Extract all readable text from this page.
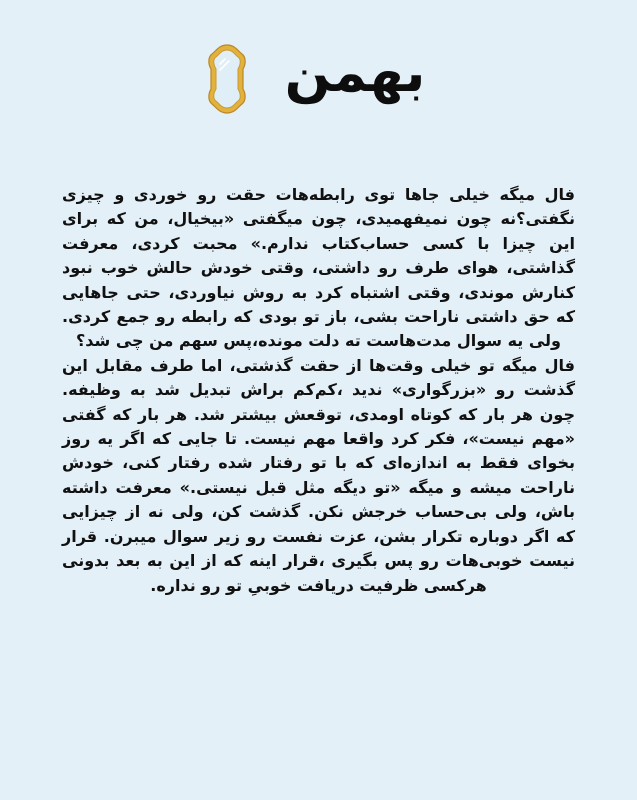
بهمن

فال میگه خیلی جاها توی رابطه‌هات حقت رو خوردی و چیزی نگفتی؟نه چون نمیفهمیدی، چون میگفتی «بیخیال، من که برای این چیزا با کسی حساب‌کتاب ندارم.» محبت کردی، معرفت گذاشتی، هوای طرف رو داشتی، وقتی خودش حالش خوب نبود کنارش موندی، وقتی اشتباه کرد به روش نیاوردی، حتی جاهایی که حق داشتی ناراحت بشی، باز تو بودی که رابطه رو جمع کردی. ولی یه سوال مدت‌هاست ته دلت مونده،پس سهم من چی شد؟

فال میگه تو خیلی وقت‌ها از حقت گذشتی، اما طرف مقابل این گذشت رو «بزرگواری» ندید ،کم‌کم براش تبدیل شد به وظیفه. چون هر بار که کوتاه اومدی، توقعش بیشتر شد. هر بار که گفتی «مهم نیست»، فکر کرد واقعا مهم نیست. تا جایی که اگر یه روز بخوای فقط به اندازه‌ای که با تو رفتار شده رفتار کنی، خودش ناراحت میشه و میگه «تو دیگه مثل قبل نیستی.» معرفت داشته باش، ولی بی‌حساب خرجش نکن. گذشت کن، ولی نه از چیزایی که اگر دوباره تکرار بشن، عزت نفست رو زیر سوال میبرن. قرار نیست خوبی‌هات رو پس بگیری ،قرار اینه که از این به بعد بدونی هرکسی ظرفیت دریافت خوبیِ تو رو نداره.
